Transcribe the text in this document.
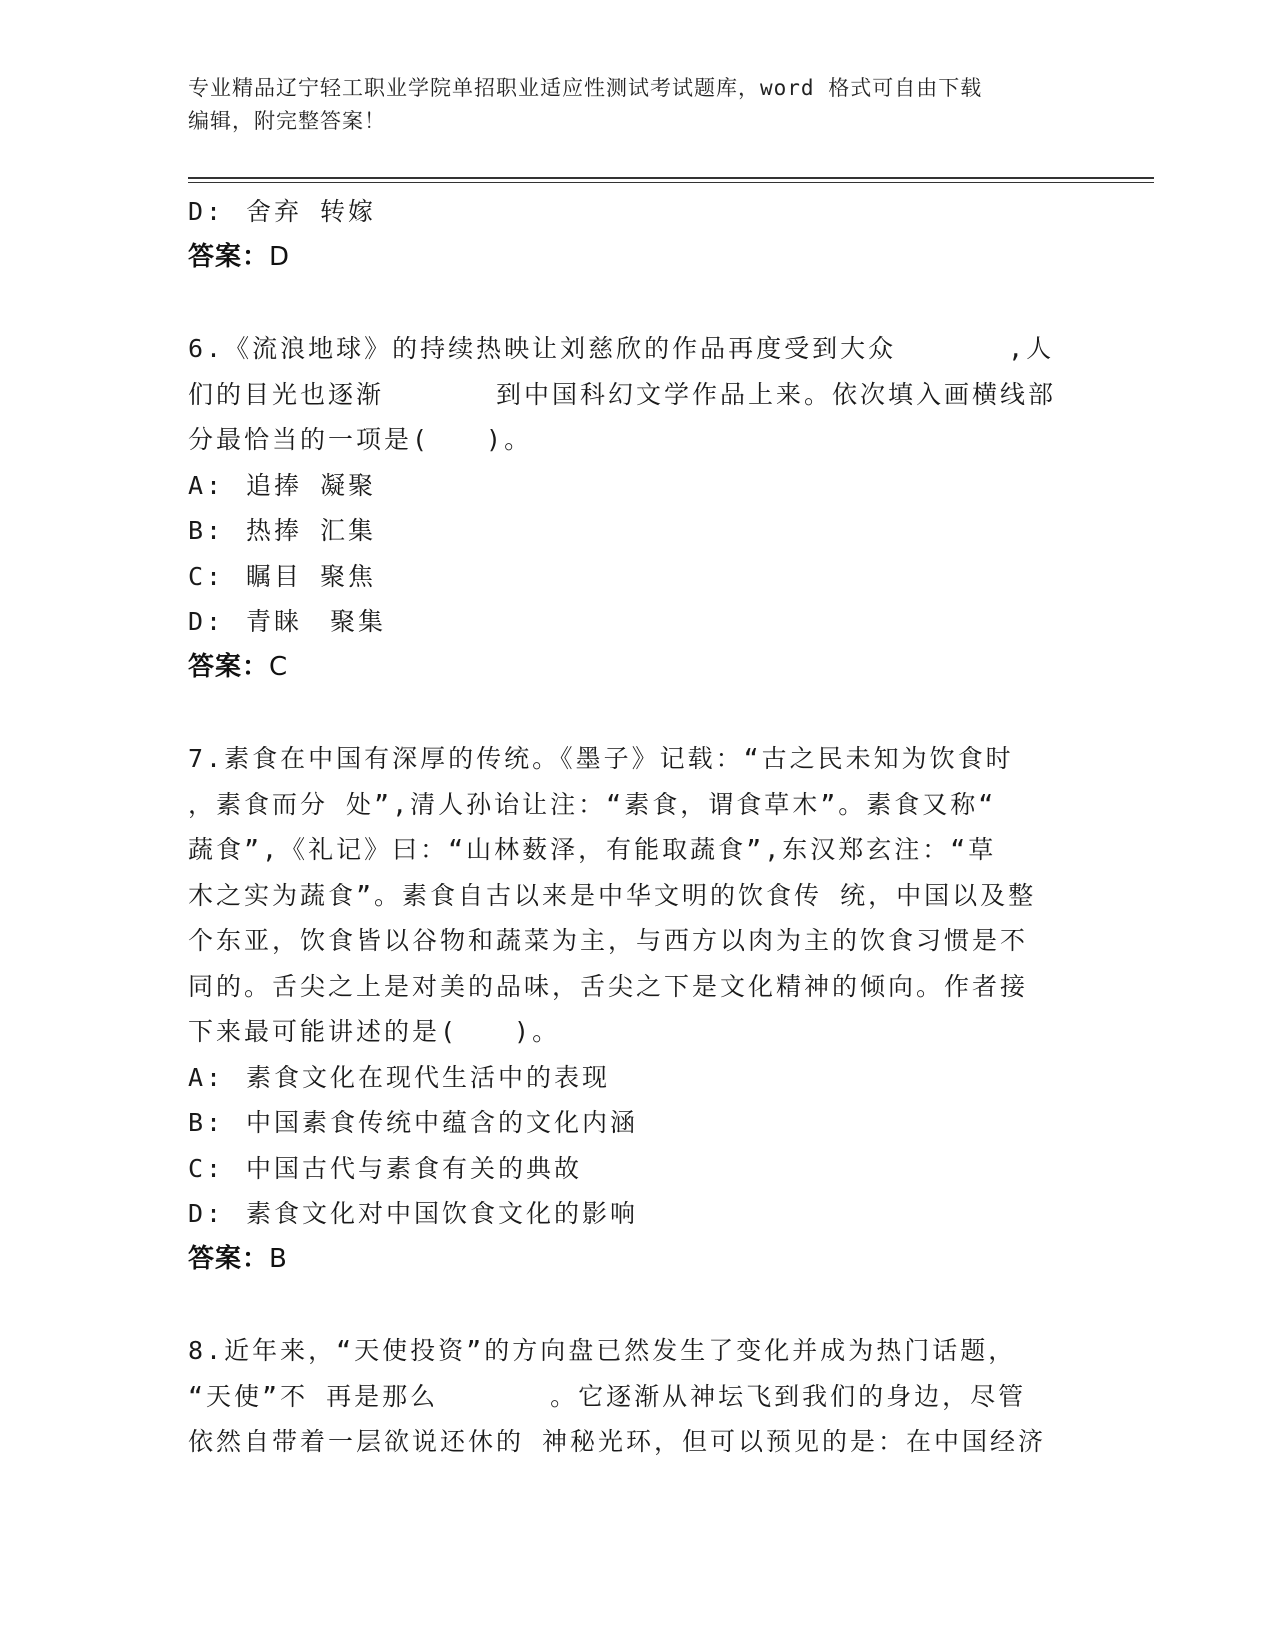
专业精品辽宁轻工职业学院单招职业适应性测试考试题库，word 格式可自由下载
编辑，附完整答案！
D: 舍弃 转嫁
答案：D
6.《流浪地球》的持续热映让刘慈欣的作品再度受到大众　　　　,人
们的目光也逐渐　　　　到中国科幻文学作品上来。依次填入画横线部
分最恰当的一项是(　　)。
A: 追捧 凝聚
B: 热捧 汇集
C: 瞩目 聚焦
D: 青睐　聚集
答案：C
7.素食在中国有深厚的传统。《墨子》记载：“古之民未知为饮食时
，素食而分 处”,清人孙诒让注：“素食，谓食草木”。素食又称“
蔬食”,《礼记》曰：“山林薮泽，有能取蔬食”,东汉郑玄注：“草
木之实为蔬食”。素食自古以来是中华文明的饮食传 统，中国以及整
个东亚，饮食皆以谷物和蔬菜为主，与西方以肉为主的饮食习惯是不
同的。舌尖之上是对美的品味，舌尖之下是文化精神的倾向。作者接
下来最可能讲述的是(　　)。
A: 素食文化在现代生活中的表现
B: 中国素食传统中蕴含的文化内涵
C: 中国古代与素食有关的典故
D: 素食文化对中国饮食文化的影响
答案：B
8.近年来，“天使投资”的方向盘已然发生了变化并成为热门话题，
“天使”不 再是那么　　　　。它逐渐从神坛飞到我们的身边，尽管
依然自带着一层欲说还休的 神秘光环，但可以预见的是：在中国经济
